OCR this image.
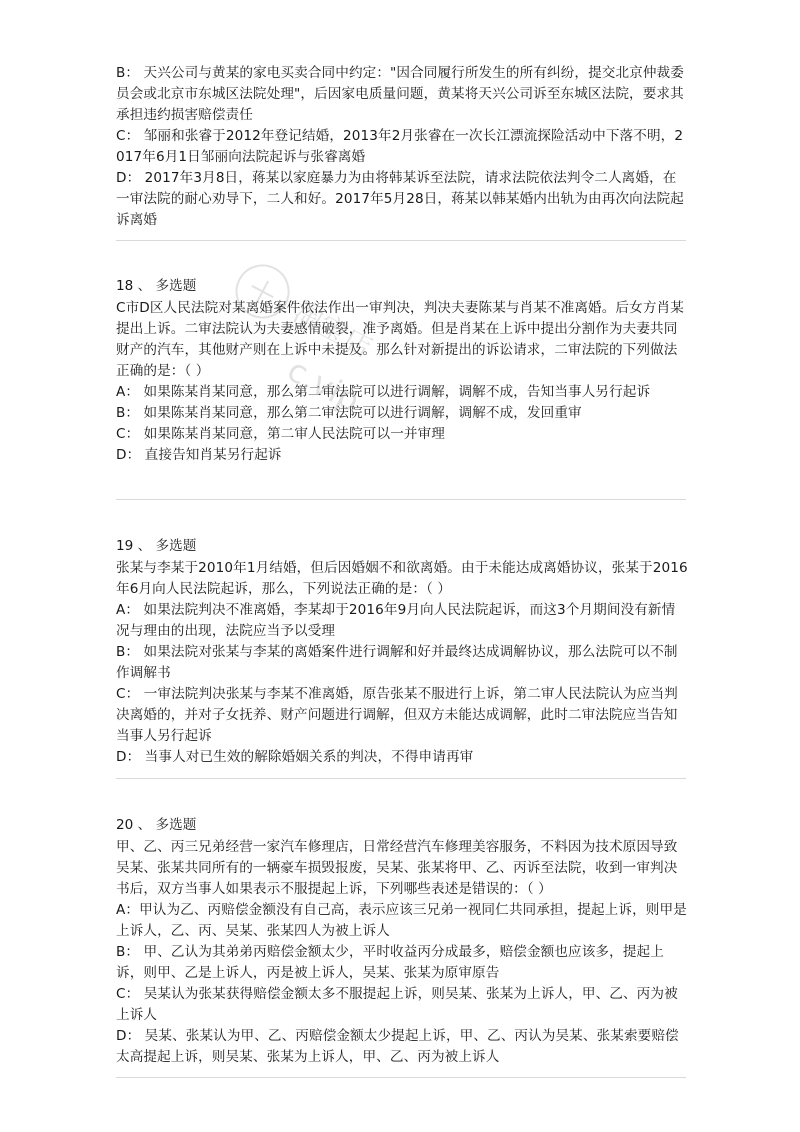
B： 天兴公司与黄某的家电买卖合同中约定："因合同履行所发生的所有纠纷，提交北京仲裁委员会或北京市东城区法院处理"，后因家电质量问题，黄某将天兴公司诉至东城区法院，要求其承担违约损害赔偿责任

C： 邹丽和张睿于2012年登记结婚，2013年2月张睿在一次长江漂流探险活动中下落不明，2017年6月1日邹丽向法院起诉与张睿离婚

D： 2017年3月8日，蒋某以家庭暴力为由将韩某诉至法院，请求法院依法判令二人离婚，在一审法院的耐心劝导下，二人和好。2017年5月28日，蒋某以韩某婚内出轨为由再次向法院起诉离婚

18 、 多选题

C市D区人民法院对某离婚案件依法作出一审判决，判决夫妻陈某与肖某不准离婚。后女方肖某提出上诉。二审法院认为夫妻感情破裂，准予离婚。但是肖某在上诉中提出分割作为夫妻共同财产的汽车，其他财产则在上诉中未提及。那么针对新提出的诉讼请求，二审法院的下列做法正确的是：（ ）

A： 如果陈某肖某同意，那么第二审法院可以进行调解，调解不成，告知当事人另行起诉

B： 如果陈某肖某同意，那么第二审法院可以进行调解，调解不成，发回重审

C： 如果陈某肖某同意，第二审人民法院可以一并审理

D： 直接告知肖某另行起诉

19 、 多选题

张某与李某于2010年1月结婚，但后因婚姻不和欲离婚。由于未能达成离婚协议，张某于2016年6月向人民法院起诉，那么，下列说法正确的是：（ ）

A： 如果法院判决不准离婚，李某却于2016年9月向人民法院起诉，而这3个月期间没有新情况与理由的出现，法院应当予以受理

B： 如果法院对张某与李某的离婚案件进行调解和好并最终达成调解协议，那么法院可以不制作调解书

C： 一审法院判决张某与李某不准离婚，原告张某不服进行上诉，第二审人民法院认为应当判决离婚的，并对子女抚养、财产问题进行调解，但双方未能达成调解，此时二审法院应当告知当事人另行起诉

D： 当事人对已生效的解除婚姻关系的判决，不得申请再审

20 、 多选题

甲、乙、丙三兄弟经营一家汽车修理店，日常经营汽车修理美容服务，不料因为技术原因导致吴某、张某共同所有的一辆豪车损毁报废，吴某、张某将甲、乙、丙诉至法院，收到一审判决书后，双方当事人如果表示不服提起上诉，下列哪些表述是错误的：（ ）

A：甲认为乙、丙赔偿金额没有自己高，表示应该三兄弟一视同仁共同承担，提起上诉，则甲是上诉人，乙、丙、吴某、张某四人为被上诉人

B： 甲、乙认为其弟弟丙赔偿金额太少，平时收益丙分成最多，赔偿金额也应该多，提起上诉，则甲、乙是上诉人，丙是被上诉人，吴某、张某为原审原告

C： 吴某认为张某获得赔偿金额太多不服提起上诉，则吴某、张某为上诉人，甲、乙、丙为被上诉人

D： 吴某、张某认为甲、乙、丙赔偿金额太少提起上诉，甲、乙、丙认为吴某、张某索要赔偿太高提起上诉，则吴某、张某为上诉人，甲、乙、丙为被上诉人

淘宝店
c.vip
